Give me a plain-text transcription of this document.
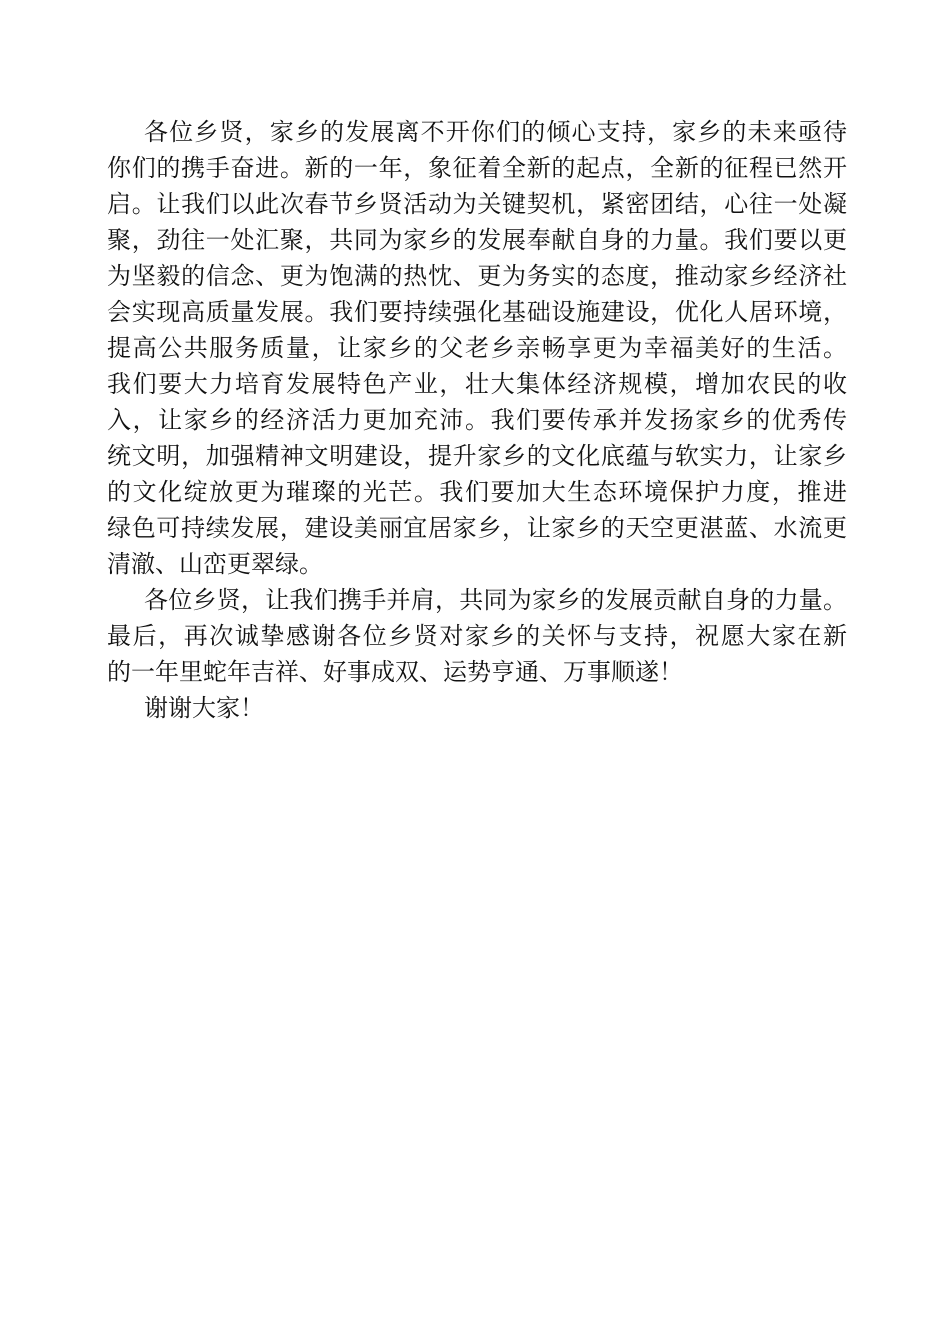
各位乡贤，家乡的发展离不开你们的倾心支持，家乡的未来亟待
你们的携手奋进。新的一年，象征着全新的起点，全新的征程已然开
启。让我们以此次春节乡贤活动为关键契机，紧密团结，心往一处凝
聚，劲往一处汇聚，共同为家乡的发展奉献自身的力量。我们要以更
为坚毅的信念、更为饱满的热忱、更为务实的态度，推动家乡经济社
会实现高质量发展。我们要持续强化基础设施建设，优化人居环境，
提高公共服务质量，让家乡的父老乡亲畅享更为幸福美好的生活。
我们要大力培育发展特色产业，壮大集体经济规模，增加农民的收
入，让家乡的经济活力更加充沛。我们要传承并发扬家乡的优秀传
统文明，加强精神文明建设，提升家乡的文化底蕴与软实力，让家乡
的文化绽放更为璀璨的光芒。我们要加大生态环境保护力度，推进
绿色可持续发展，建设美丽宜居家乡，让家乡的天空更湛蓝、水流更
清澈、山峦更翠绿。
各位乡贤，让我们携手并肩，共同为家乡的发展贡献自身的力量。
最后，再次诚挚感谢各位乡贤对家乡的关怀与支持，祝愿大家在新
的一年里蛇年吉祥、好事成双、运势亨通、万事顺遂！
谢谢大家！
